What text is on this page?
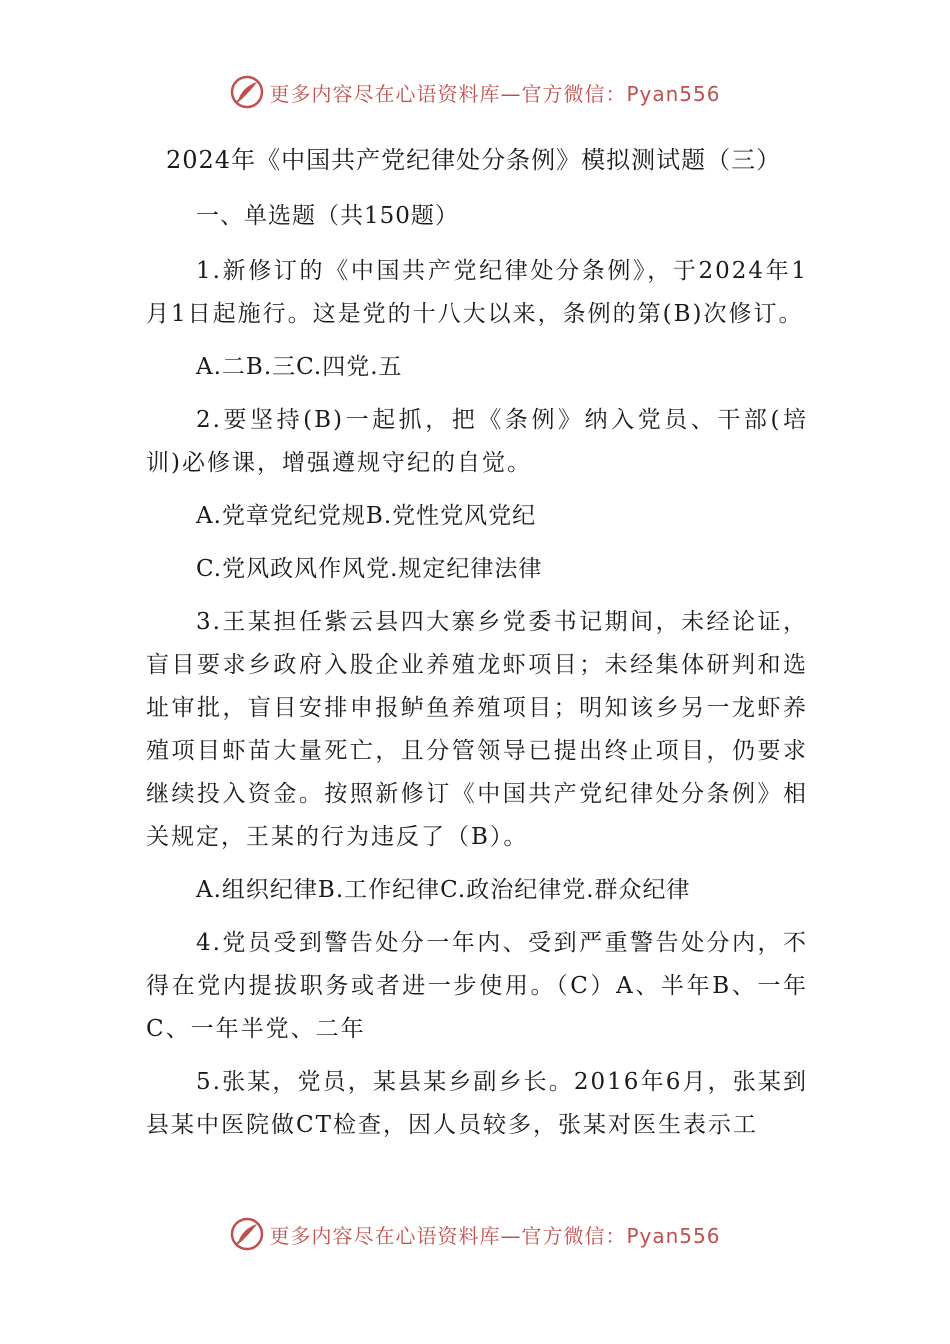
更多内容尽在心语资料库—官方微信：Pyan556
2024年《中国共产党纪律处分条例》模拟测试题（三）
一、单选题（共150题）
1.新修订的《中国共产党纪律处分条例》，于2024年1月1日起施行。这是党的十八大以来，条例的第(B)次修订。
A.二B.三C.四党.五
2.要坚持(B)一起抓，把《条例》纳入党员、干部(培训)必修课，增强遵规守纪的自觉。
A.党章党纪党规B.党性党风党纪
C.党风政风作风党.规定纪律法律
3.王某担任紫云县四大寨乡党委书记期间，未经论证，盲目要求乡政府入股企业养殖龙虾项目；未经集体研判和选址审批，盲目安排申报鲈鱼养殖项目；明知该乡另一龙虾养殖项目虾苗大量死亡，且分管领导已提出终止项目，仍要求继续投入资金。按照新修订《中国共产党纪律处分条例》相关规定，王某的行为违反了（B）。
A.组织纪律B.工作纪律C.政治纪律党.群众纪律
4.党员受到警告处分一年内、受到严重警告处分内，不得在党内提拔职务或者进一步使用。（C）A、半年B、一年C、一年半党、二年
5.张某，党员，某县某乡副乡长。2016年6月，张某到县某中医院做CT检查，因人员较多，张某对医生表示工
更多内容尽在心语资料库—官方微信：Pyan556
